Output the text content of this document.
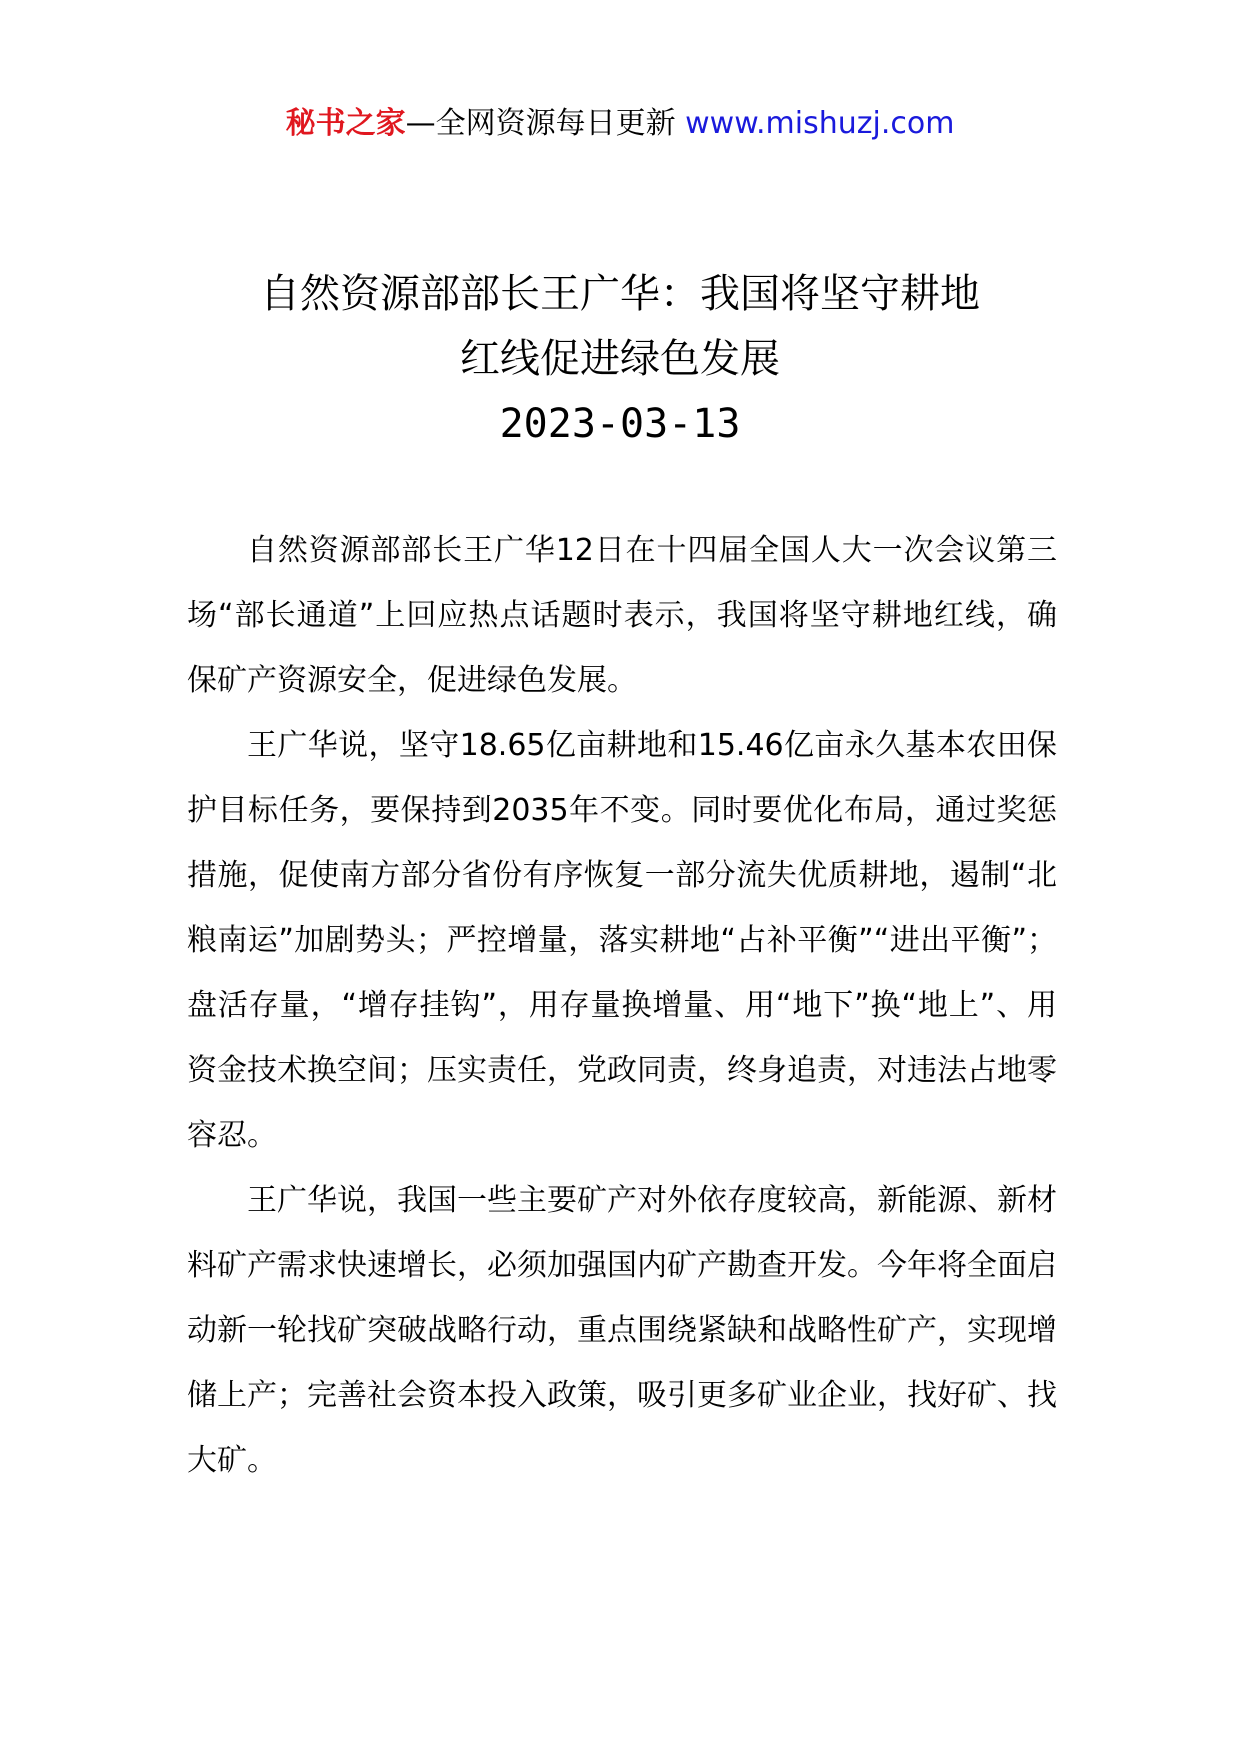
秘书之家—全网资源每日更新 www.mishuzj.com
自然资源部部长王广华：我国将坚守耕地
红线促进绿色发展
2023-03-13

自然资源部部长王广华12日在十四届全国人大一次会议第三场“部长通道”上回应热点话题时表示，我国将坚守耕地红线，确保矿产资源安全，促进绿色发展。

王广华说，坚守18.65亿亩耕地和15.46亿亩永久基本农田保护目标任务，要保持到2035年不变。同时要优化布局，通过奖惩措施，促使南方部分省份有序恢复一部分流失优质耕地，遏制“北粮南运”加剧势头；严控增量，落实耕地“占补平衡”“进出平衡”；盘活存量，“增存挂钩”，用存量换增量、用“地下”换“地上”、用资金技术换空间；压实责任，党政同责，终身追责，对违法占地零容忍。

王广华说，我国一些主要矿产对外依存度较高，新能源、新材料矿产需求快速增长，必须加强国内矿产勘查开发。今年将全面启动新一轮找矿突破战略行动，重点围绕紧缺和战略性矿产，实现增储上产；完善社会资本投入政策，吸引更多矿业企业，找好矿、找大矿。
